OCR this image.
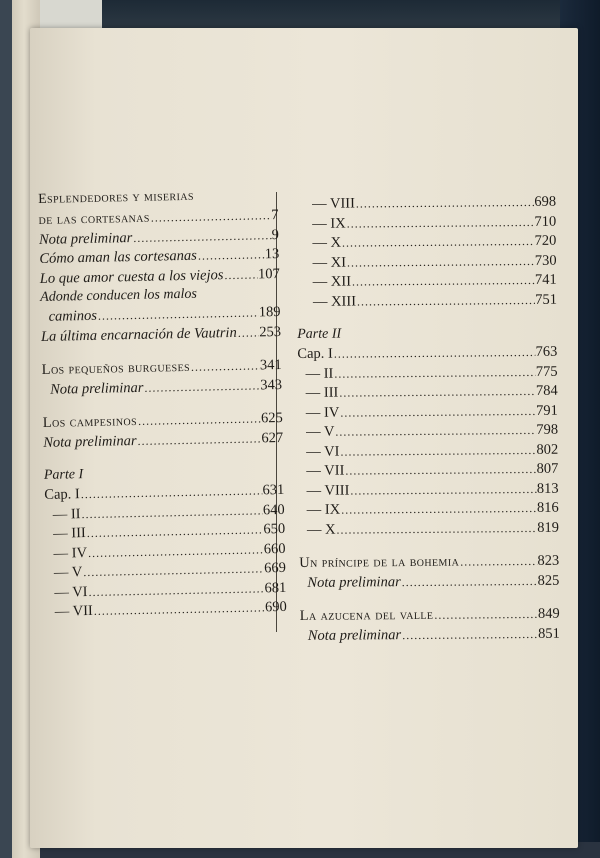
Esplendedores y miserias
de las cortesanas .....	7
Nota preliminar .....	9
Cómo aman las cortesanas .....	13
Lo que amor cuesta a los viejos ..... 107
Adonde conducen los malos
caminos .....	189
La última encarnación de Vautrin ..... 253
Los pequeños burgueses .....	341
Nota preliminar .....	343
Los campesinos .....	625
Nota preliminar .....	627
Parte I
Cap. I .....	631
— II .....	640
— III .....	650
— IV .....	660
— V .....	669
— VI .....	681
— VII .....	690
— VIII .....	698
— IX .....	710
— X .....	720
— XI .....	730
— XII .....	741
— XIII .....	751
Parte II
Cap. I .....	763
— II .....	775
— III .....	784
— IV .....	791
— V .....	798
— VI .....	802
— VII .....	807
— VIII .....	813
— IX .....	816
— X .....	819
Un príncipe de la bohemia .....	823
Nota preliminar .....	825
La azucena del valle .....	849
Nota preliminar .....	851
